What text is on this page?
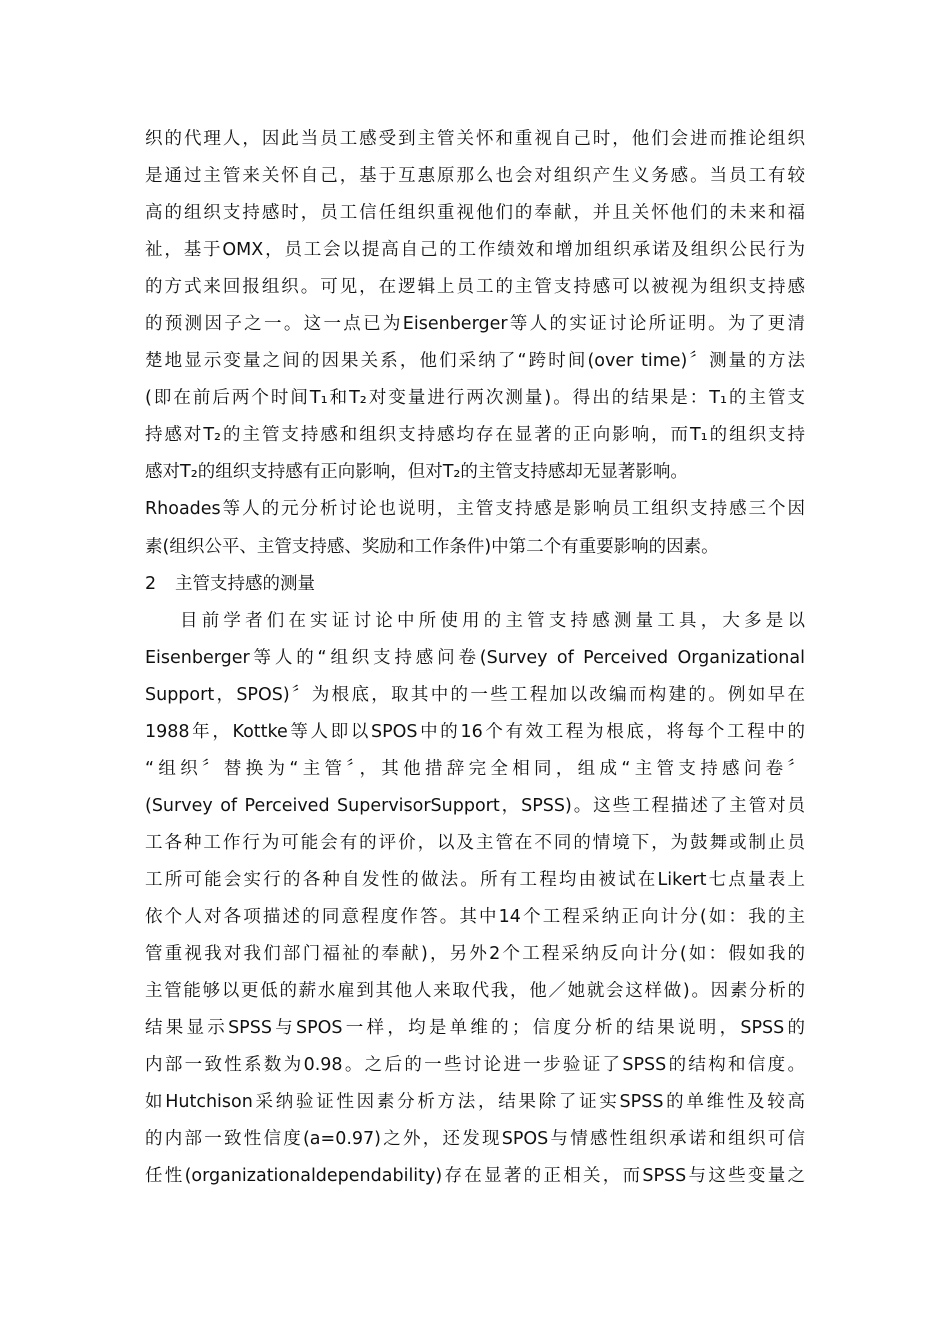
织的代理人，因此当员工感受到主管关怀和重视自己时，他们会进而推论组织
是通过主管来关怀自己，基于互惠原那么也会对组织产生义务感。当员工有较
高的组织支持感时，员工信任组织重视他们的奉献，并且关怀他们的未来和福
祉，基于OMX，员工会以提高自己的工作绩效和增加组织承诺及组织公民行为
的方式来回报组织。可见，在逻辑上员工的主管支持感可以被视为组织支持感
的预测因子之一。这一点已为Eisenberger等人的实证讨论所证明。为了更清
楚地显示变量之间的因果关系，他们采纳了“跨时间(over time)〞测量的方法
(即在前后两个时间T₁和T₂对变量进行两次测量)。得出的结果是：T₁的主管支
持感对T₂的主管支持感和组织支持感均存在显著的正向影响，而T₁的组织支持
感对T₂的组织支持感有正向影响，但对T₂的主管支持感却无显著影响。
Rhoades等人的元分析讨论也说明，主管支持感是影响员工组织支持感三个因
素(组织公平、主管支持感、奖励和工作条件)中第二个有重要影响的因素。
2 主管支持感的测量
目前学者们在实证讨论中所使用的主管支持感测量工具，大多是以
Eisenberger等人的“组织支持感问卷(Survey of Perceived Organizational
Support，SPOS)〞为根底，取其中的一些工程加以改编而构建的。例如早在
1988年，Kottke等人即以SPOS中的16个有效工程为根底，将每个工程中的
“组织〞替换为“主管〞，其他措辞完全相同，组成“主管支持感问卷〞
(Survey of Perceived SupervisorSupport，SPSS)。这些工程描述了主管对员
工各种工作行为可能会有的评价，以及主管在不同的情境下，为鼓舞或制止员
工所可能会实行的各种自发性的做法。所有工程均由被试在Likert七点量表上
依个人对各项描述的同意程度作答。其中14个工程采纳正向计分(如：我的主
管重视我对我们部门福祉的奉献)，另外2个工程采纳反向计分(如：假如我的
主管能够以更低的薪水雇到其他人来取代我，他／她就会这样做)。因素分析的
结果显示SPSS与SPOS一样，均是单维的；信度分析的结果说明，SPSS的
内部一致性系数为0.98。之后的一些讨论进一步验证了SPSS的结构和信度。
如Hutchison采纳验证性因素分析方法，结果除了证实SPSS的单维性及较高
的内部一致性信度(a=0.97)之外，还发现SPOS与情感性组织承诺和组织可信
任性(organizationaldependability)存在显著的正相关，而SPSS与这些变量之
